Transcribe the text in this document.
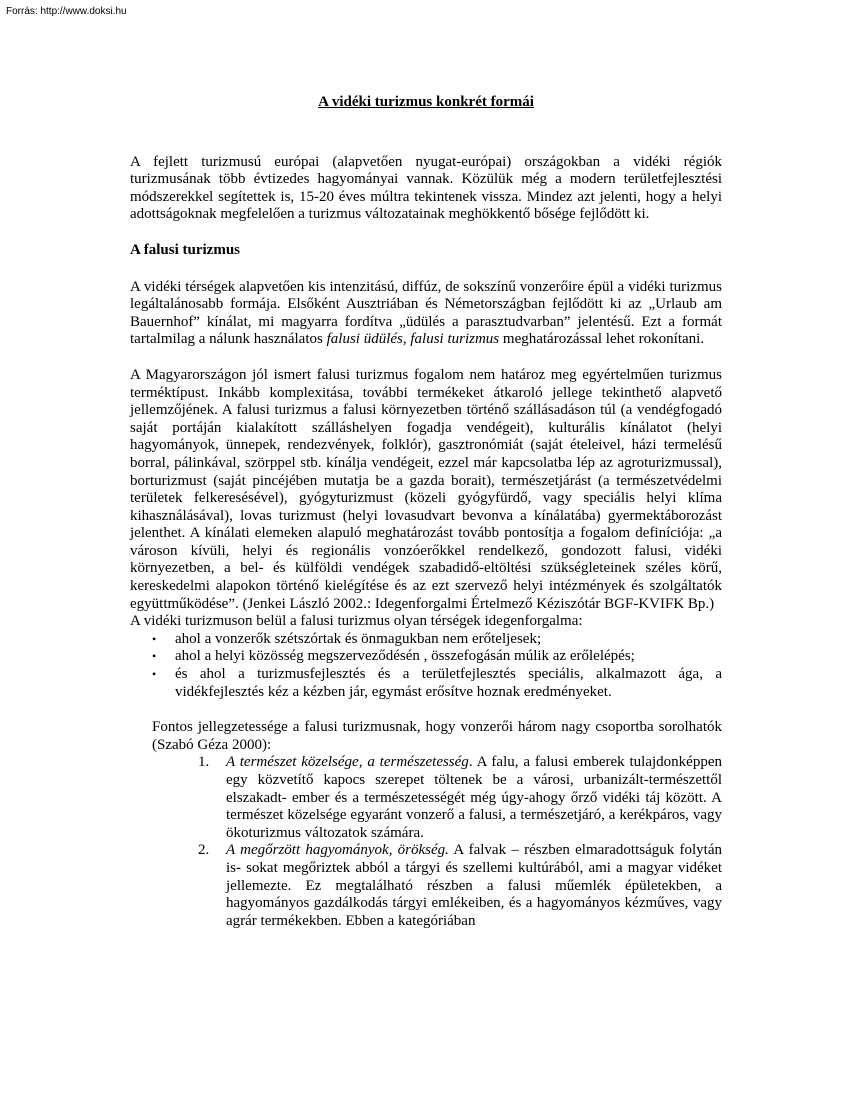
Forrás: http://www.doksi.hu
A vidéki turizmus konkrét formái

A fejlett turizmusú európai (alapvetően nyugat-európai) országokban a vidéki régiók turizmusának több évtizedes hagyományai vannak. Közülük még a modern területfejlesztési módszerekkel segítettek is, 15-20 éves múltra tekintenek vissza. Mindez azt jelenti, hogy a helyi adottságoknak megfelelően a turizmus változatainak meghökkentő bősége fejlődött ki.

A falusi turizmus

A vidéki térségek alapvetően kis intenzitású, diffúz, de sokszínű vonzerőire épül a vidéki turizmus legáltalánosabb formája. Elsőként Ausztriában és Németországban fejlődött ki az „Urlaub am Bauernhof” kínálat, mi magyarra fordítva „üdülés a parasztudvarban” jelentésű. Ezt a formát tartalmilag a nálunk használatos falusi üdülés, falusi turizmus meghatározással lehet rokonítani.

A Magyarországon jól ismert falusi turizmus fogalom nem határoz meg egyértelműen turizmus terméktípust. Inkább komplexitása, további termékeket átkaroló jellege tekinthető alapvető jellemzőjének. A falusi turizmus a falusi környezetben történő szállásadáson túl (a vendégfogadó saját portáján kialakított szálláshelyen fogadja vendégeit), kulturális kínálatot (helyi hagyományok, ünnepek, rendezvények, folklór), gasztronómiát (saját ételeivel, házi termelésű borral, pálinkával, szörppel stb. kínálja vendégeit, ezzel már kapcsolatba lép az agroturizmussal), borturizmust (saját pincéjében mutatja be a gazda borait), természetjárást (a természetvédelmi területek felkeresésével), gyógyturizmust (közeli gyógyfürdő, vagy speciális helyi klíma kihasználásával), lovas turizmust (helyi lovasudvart bevonva a kínálatába) gyermektáborozást jelenthet. A kínálati elemeken alapuló meghatározást tovább pontosítja a fogalom definíciója: „a városon kívüli, helyi és regionális vonzóerőkkel rendelkező, gondozott falusi, vidéki környezetben, a bel- és külföldi vendégek szabadidő-eltöltési szükségleteinek széles körű, kereskedelmi alapokon történő kielégítése és az ezt szervező helyi intézmények és szolgáltatók együttműködése”. (Jenkei László 2002.: Idegenforgalmi Értelmező Kéziszótár BGF-KVIFK Bp.)

A vidéki turizmuson belül a falusi turizmus olyan térségek idegenforgalma:

• ahol a vonzerők szétszórtak és önmagukban nem erőteljesek;
• ahol a helyi közösség megszerveződésén , összefogásán múlik az erőlelépés;
• és ahol a turizmusfejlesztés és a területfejlesztés speciális, alkalmazott ága, a vidékfejlesztés kéz a kézben jár, egymást erősítve hoznak eredményeket.

Fontos jellegzetessége a falusi turizmusnak, hogy vonzerői három nagy csoportba sorolhatók (Szabó Géza 2000):

1. A természet közelsége, a természetesség. A falu, a falusi emberek tulajdonképpen egy közvetítő kapocs szerepet töltenek be a városi, urbanizált-természettől elszakadt- ember és a természetességét még úgy-ahogy őrző vidéki táj között. A természet közelsége egyaránt vonzerő a falusi, a természetjáró, a kerékpáros, vagy ökoturizmus változatok számára.
2. A megőrzött hagyományok, örökség. A falvak – részben elmaradottságuk folytán is- sokat megőriztek abból a tárgyi és szellemi kultúrából, ami a magyar vidéket jellemezte. Ez megtalálható részben a falusi műemlék épületekben, a hagyományos gazdálkodás tárgyi emlékeiben, és a hagyományos kézműves, vagy agrár termékekben. Ebben a kategóriában
